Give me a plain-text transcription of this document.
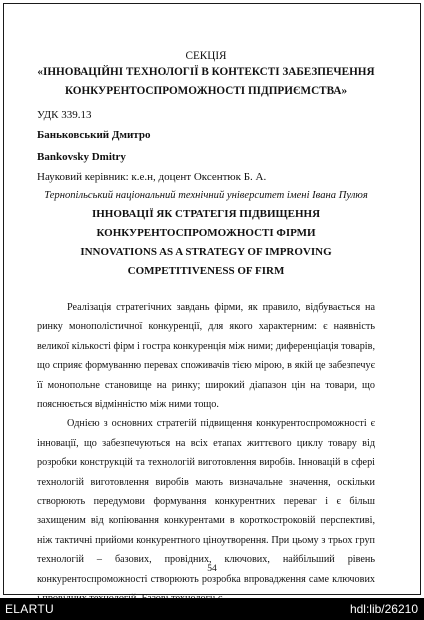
СЕКЦІЯ
«ІННОВАЦІЙНІ ТЕХНОЛОГІЇ В КОНТЕКСТІ ЗАБЕЗПЕЧЕННЯ
КОНКУРЕНТОСПРОМОЖНОСТІ ПІДПРИЄМСТВА»
УДК 339.13
Баньковський Дмитро
Bankovsky Dmitry
Науковий керівник: к.е.н, доцент Оксентюк Б. А.
Тернопільський національний технічний університет імені Івана Пулюя
ІННОВАЦІЇ ЯК СТРАТЕГІЯ ПІДВИЩЕННЯ
КОНКУРЕНТОСПРОМОЖНОСТІ ФІРМИ
INNOVATIONS AS A STRATEGY OF IMPROVING
COMPETITIVENESS OF FIRM

Реалізація стратегічних завдань фірми, як правило, відбувається на ринку монополістичної конкуренції, для якого характерним: є наявність великої кількості фірм і гостра конкуренція між ними; диференціація товарів, що сприяє формуванню перевах споживачів тією мірою, в якій це забезпечує її монопольне становище на ринку; широкий діапазон цін на товари, що пояснюється відмінністю між ними тощо.

Однією з основних стратегій підвищення конкурентоспроможності є інновації, що забезпечуються на всіх етапах життєвого циклу товару від розробки конструкцій та технологій виготовлення виробів. Інновацій в сфері технологій виготовлення виробів мають визначальне значення, оскільки створюють передумови формування конкурентних переваг і є більш захищеним від копіювання конкурентами в короткостроковій перспективі, ніж тактичні прийоми конкурентного ціноутворення. При цьому з трьох груп технологій – базових, провідних, ключових, найбільший рівень конкурентоспроможності створюють розробка впровадження саме ключових

54
ELARTU	hdl:lib/26210
